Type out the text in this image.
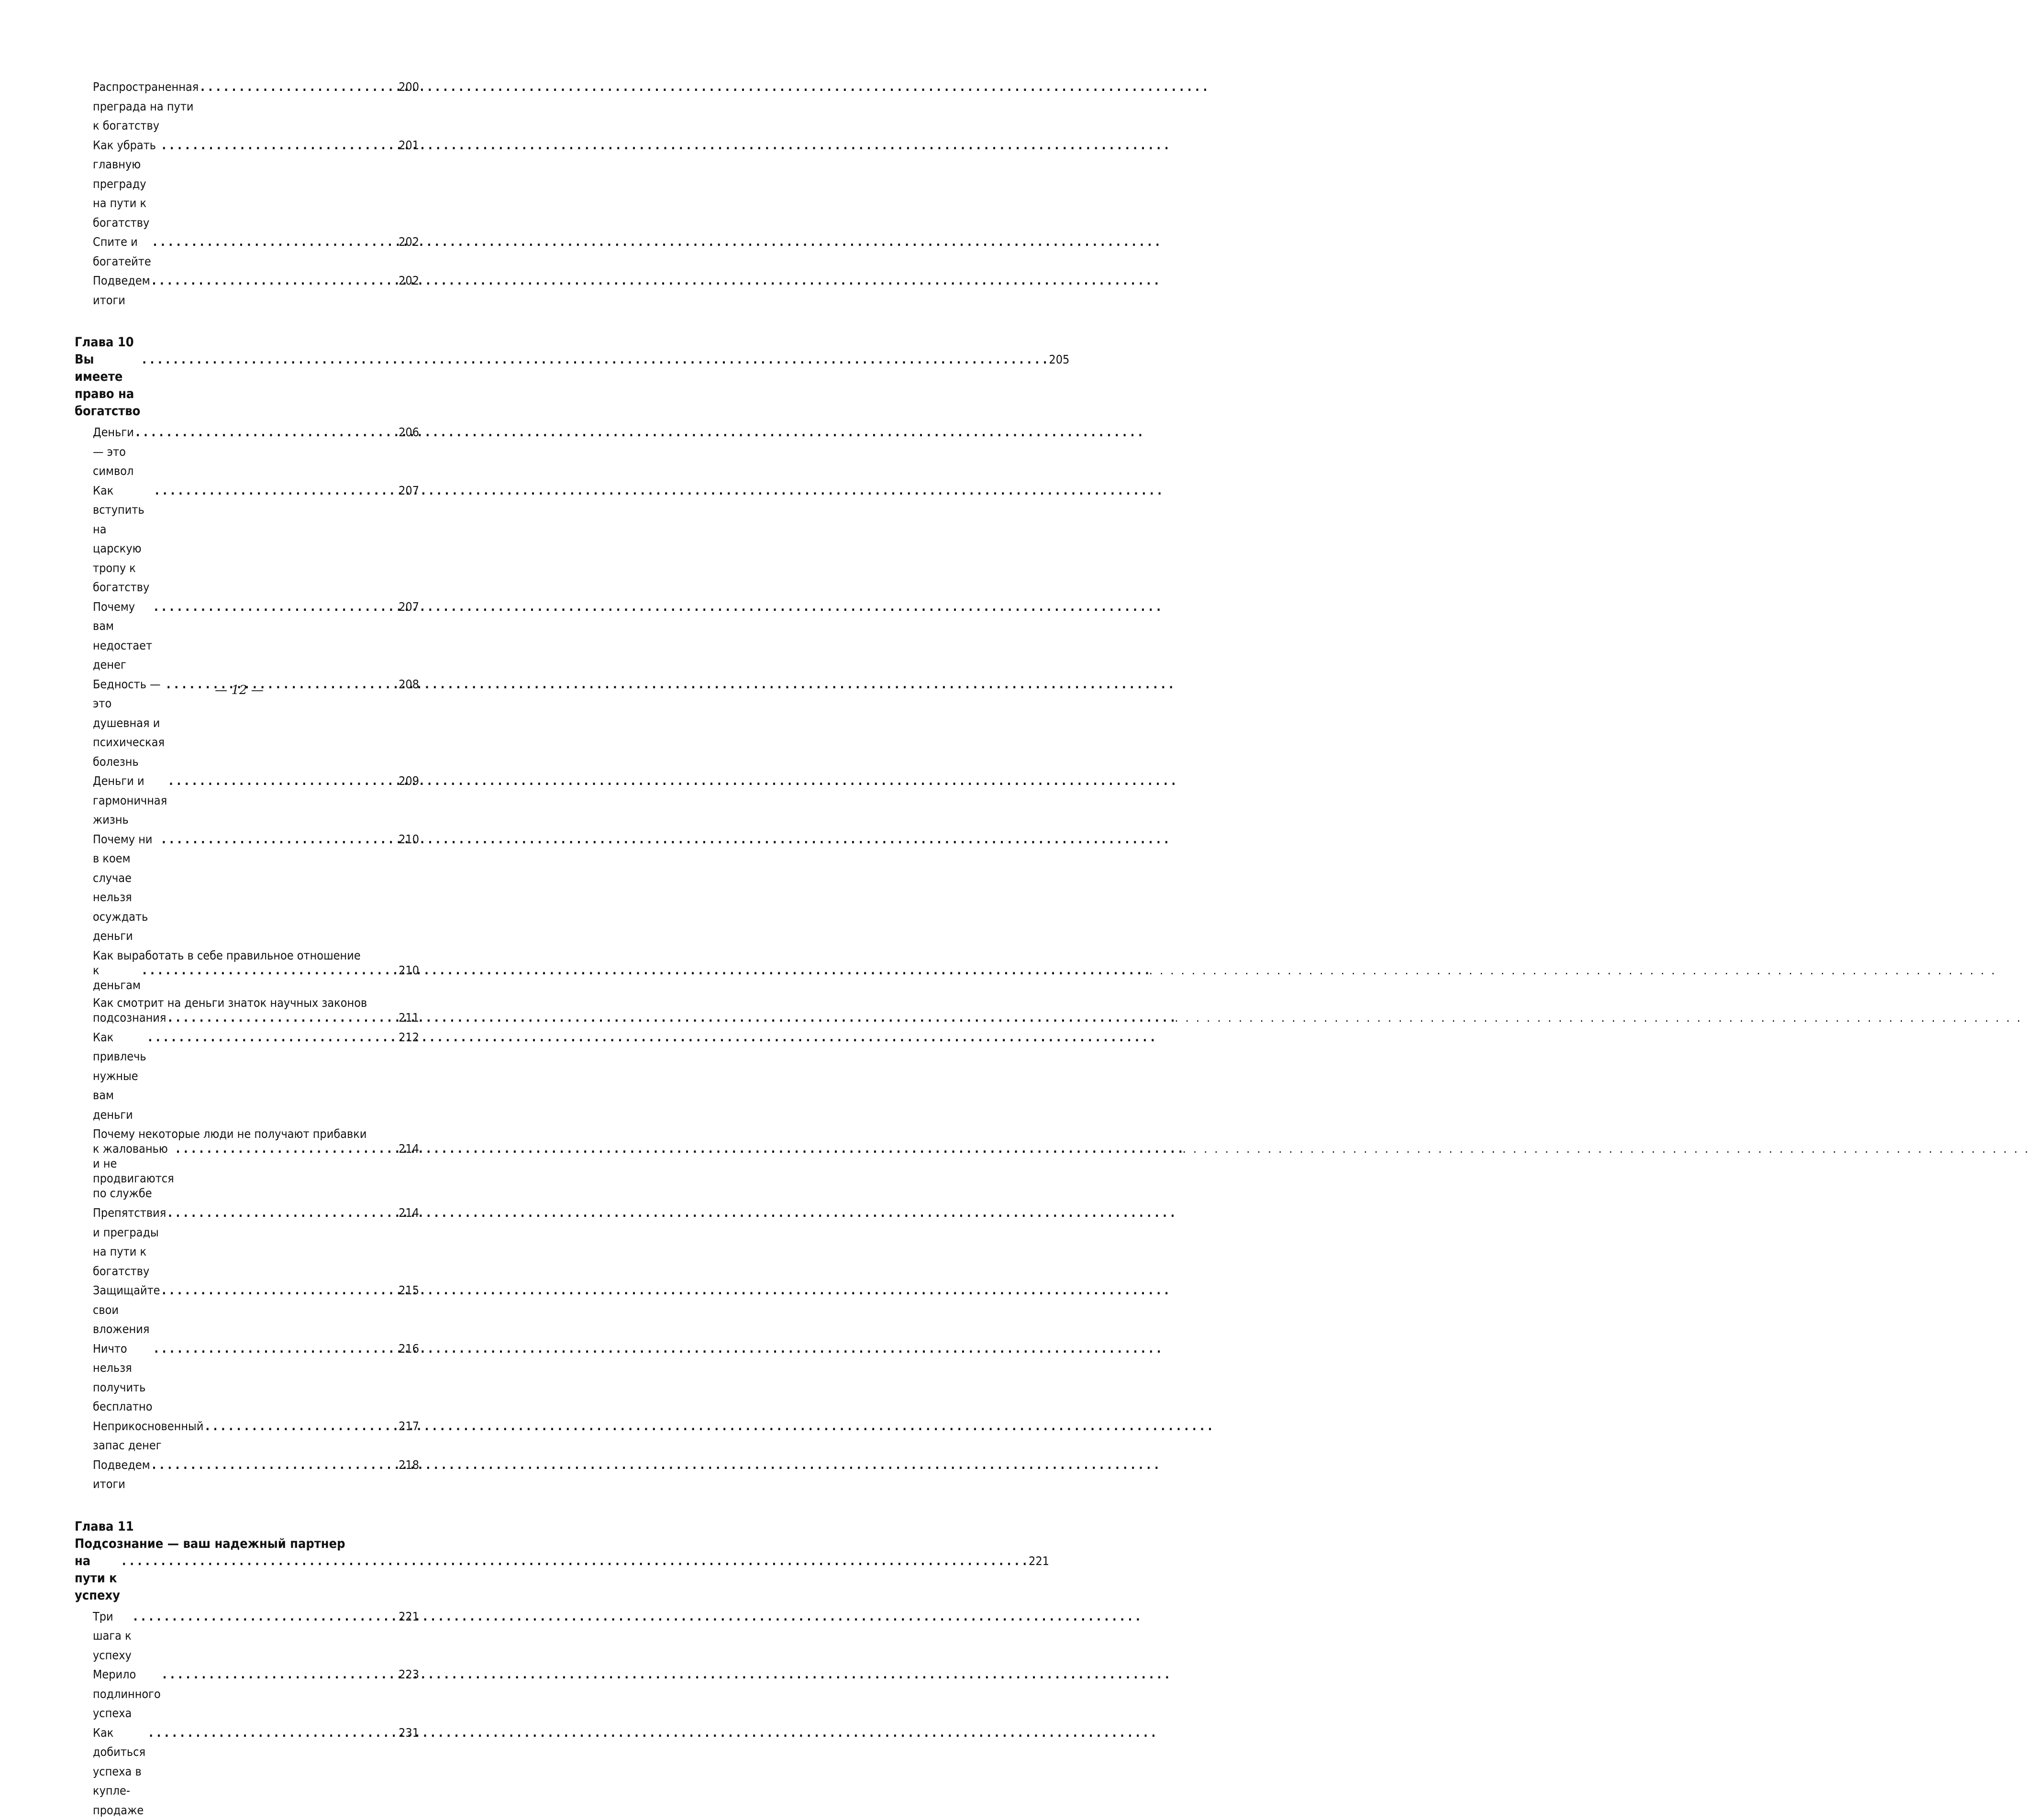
Распространенная преграда на пути к богатству
. . .
200
Как убрать главную преграду на пути к богатству
. . .
201
Спите и богатейте
. . .
202
Подведем итоги
. . .
202
Глава 10
Вы имеете право на богатство
. . .
205
Деньги — это символ
. . .
206
Как вступить на царскую тропу к богатству
. . .
207
Почему вам недостает денег
. . .
207
Бедность — это душевная и психическая болезнь
. . .
208
Деньги и гармоничная жизнь
. . .
209
Почему ни в коем случае нельзя осуждать деньги
. . .
210
Как выработать в себе правильное отношение
к деньгам
. . . . . . . . . . . . . . . . . . . . . . . . . . . . . . . . . . . . . . . . . . . . . . . . . . . . . . . . . . . . . . . . . . . . . . . . . . . . . . . . . . .
210
Как смотрит на деньги знаток научных законов
подсознания
. . .	. . . . . . . . . . . . . . . . . . . . . . . . . . . . . . . . . . . . . . . . . . . . . . . . . . . . . . . . . . . . . . . . . . . . . . . . . . . . . . . .
211
Как привлечь нужные вам деньги
. . .
212
Почему некоторые люди не получают прибавки
к жалованью и не продвигаются по службе
. . . . . . . . . . . . . . . . . . . . . . . . . . . . . . . . . . . . . . . . . . . . . . . . . . . . . . . . . . . . . . . . . . . . . . . . . . . . . . . . . . .
214
Препятствия и преграды на пути к богатству
. . .
214
Защищайте свои вложения
. . .
215
Ничто нельзя получить бесплатно
. . .
216
Неприкосновенный запас денег
. . .
217
Подведем итоги
. . .
218
Глава 11
Подсознание — ваш надежный партнер
на пути к успеху
. . .
221
Три шага к успеху
. . .
221
Мерило подлинного успеха
. . .
223
Как добиться успеха в купле-продаже
. . .
231
— 12 —
